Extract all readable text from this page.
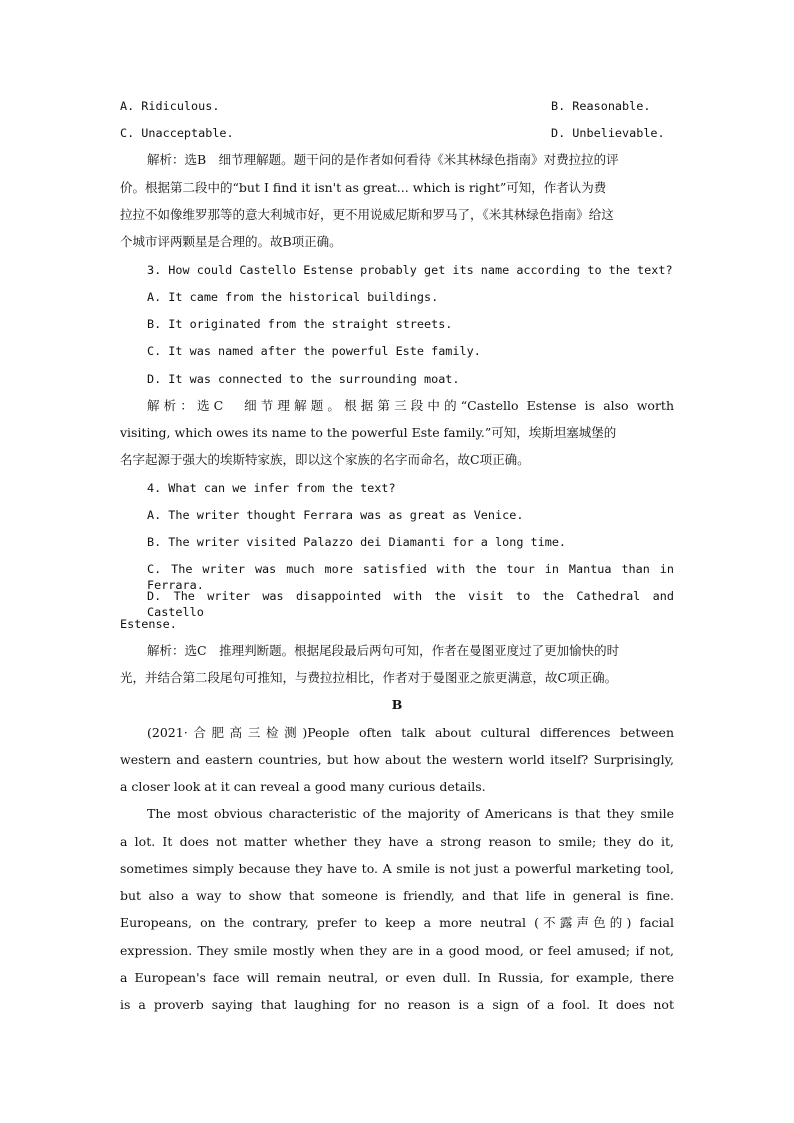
A. Ridiculous.	B. Reasonable.
C. Unacceptable.	D. Unbelievable.
解析：选B　细节理解题。题干问的是作者如何看待《米其林绿色指南》对费拉拉的评
价。根据第二段中的“but I find it isn't as great... which is right”可知，作者认为费
拉拉不如像维罗那等的意大利城市好，更不用说威尼斯和罗马了，《米其林绿色指南》给这
个城市评两颗星是合理的。故B项正确。
3. How could Castello Estense probably get its name according to the text?
A. It came from the historical buildings.
B. It originated from the straight streets.
C. It was named after the powerful Este family.
D. It was connected to the surrounding moat.
解析：选C　细节理解题。根据第三段中的“Castello Estense is also worth
visiting, which owes its name to the powerful Este family.”可知，埃斯坦塞城堡的
名字起源于强大的埃斯特家族，即以这个家族的名字而命名，故C项正确。
4. What can we infer from the text?
A. The writer thought Ferrara was as great as Venice.
B. The writer visited Palazzo dei Diamanti for a long time.
C. The writer was much more satisfied with the tour in Mantua than in Ferrara.
D. The writer was disappointed with the visit to the Cathedral and Castello
Estense.
解析：选C　推理判断题。根据尾段最后两句可知，作者在曼图亚度过了更加愉快的时
光，并结合第二段尾句可推知，与费拉拉相比，作者对于曼图亚之旅更满意，故C项正确。
B
(2021·合肥高三检测)People often talk about cultural differences between
western and eastern countries, but how about the western world itself? Surprisingly,
a closer look at it can reveal a good many curious details.
The most obvious characteristic of the majority of Americans is that they smile
a lot. It does not matter whether they have a strong reason to smile; they do it,
sometimes simply because they have to. A smile is not just a powerful marketing tool,
but also a way to show that someone is friendly, and that life in general is fine.
Europeans, on the contrary, prefer to keep a more neutral (不露声色的) facial
expression. They smile mostly when they are in a good mood, or feel amused; if not,
a European's face will remain neutral, or even dull. In Russia, for example, there
is a proverb saying that laughing for no reason is a sign of a fool. It does not
